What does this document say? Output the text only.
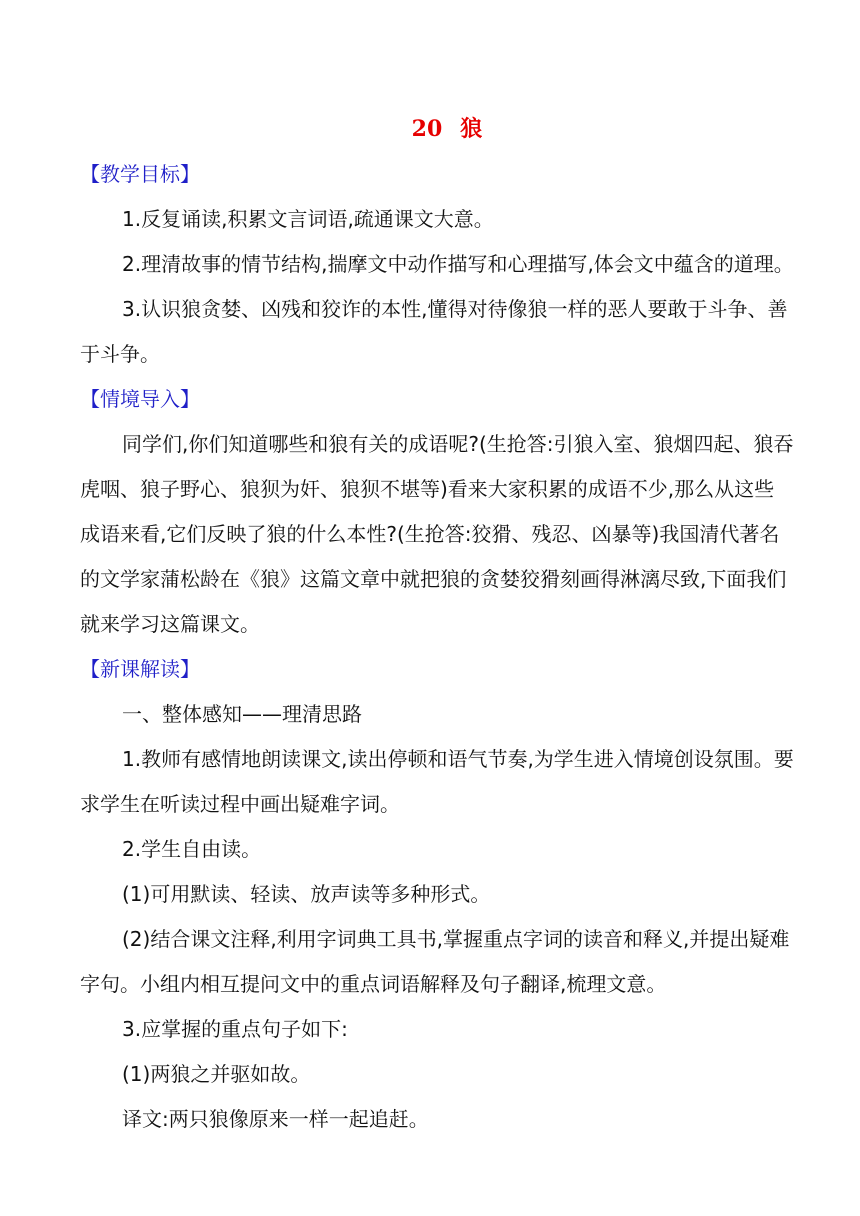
20 狼
【教学目标】

1.反复诵读,积累文言词语,疏通课文大意。

2.理清故事的情节结构,揣摩文中动作描写和心理描写,体会文中蕴含的道理。

3.认识狼贪婪、凶残和狡诈的本性,懂得对待像狼一样的恶人要敢于斗争、善于斗争。

【情境导入】

同学们,你们知道哪些和狼有关的成语呢?(生抢答:引狼入室、狼烟四起、狼吞虎咽、狼子野心、狼狈为奸、狼狈不堪等)看来大家积累的成语不少,那么从这些成语来看,它们反映了狼的什么本性?(生抢答:狡猾、残忍、凶暴等)我国清代著名的文学家蒲松龄在《狼》这篇文章中就把狼的贪婪狡猾刻画得淋漓尽致,下面我们就来学习这篇课文。

【新课解读】

一、整体感知——理清思路

1.教师有感情地朗读课文,读出停顿和语气节奏,为学生进入情境创设氛围。要求学生在听读过程中画出疑难字词。

2.学生自由读。

(1)可用默读、轻读、放声读等多种形式。

(2)结合课文注释,利用字词典工具书,掌握重点字词的读音和释义,并提出疑难字句。小组内相互提问文中的重点词语解释及句子翻译,梳理文意。

3.应掌握的重点句子如下:

(1)两狼之并驱如故。

译文:两只狼像原来一样一起追赶。
